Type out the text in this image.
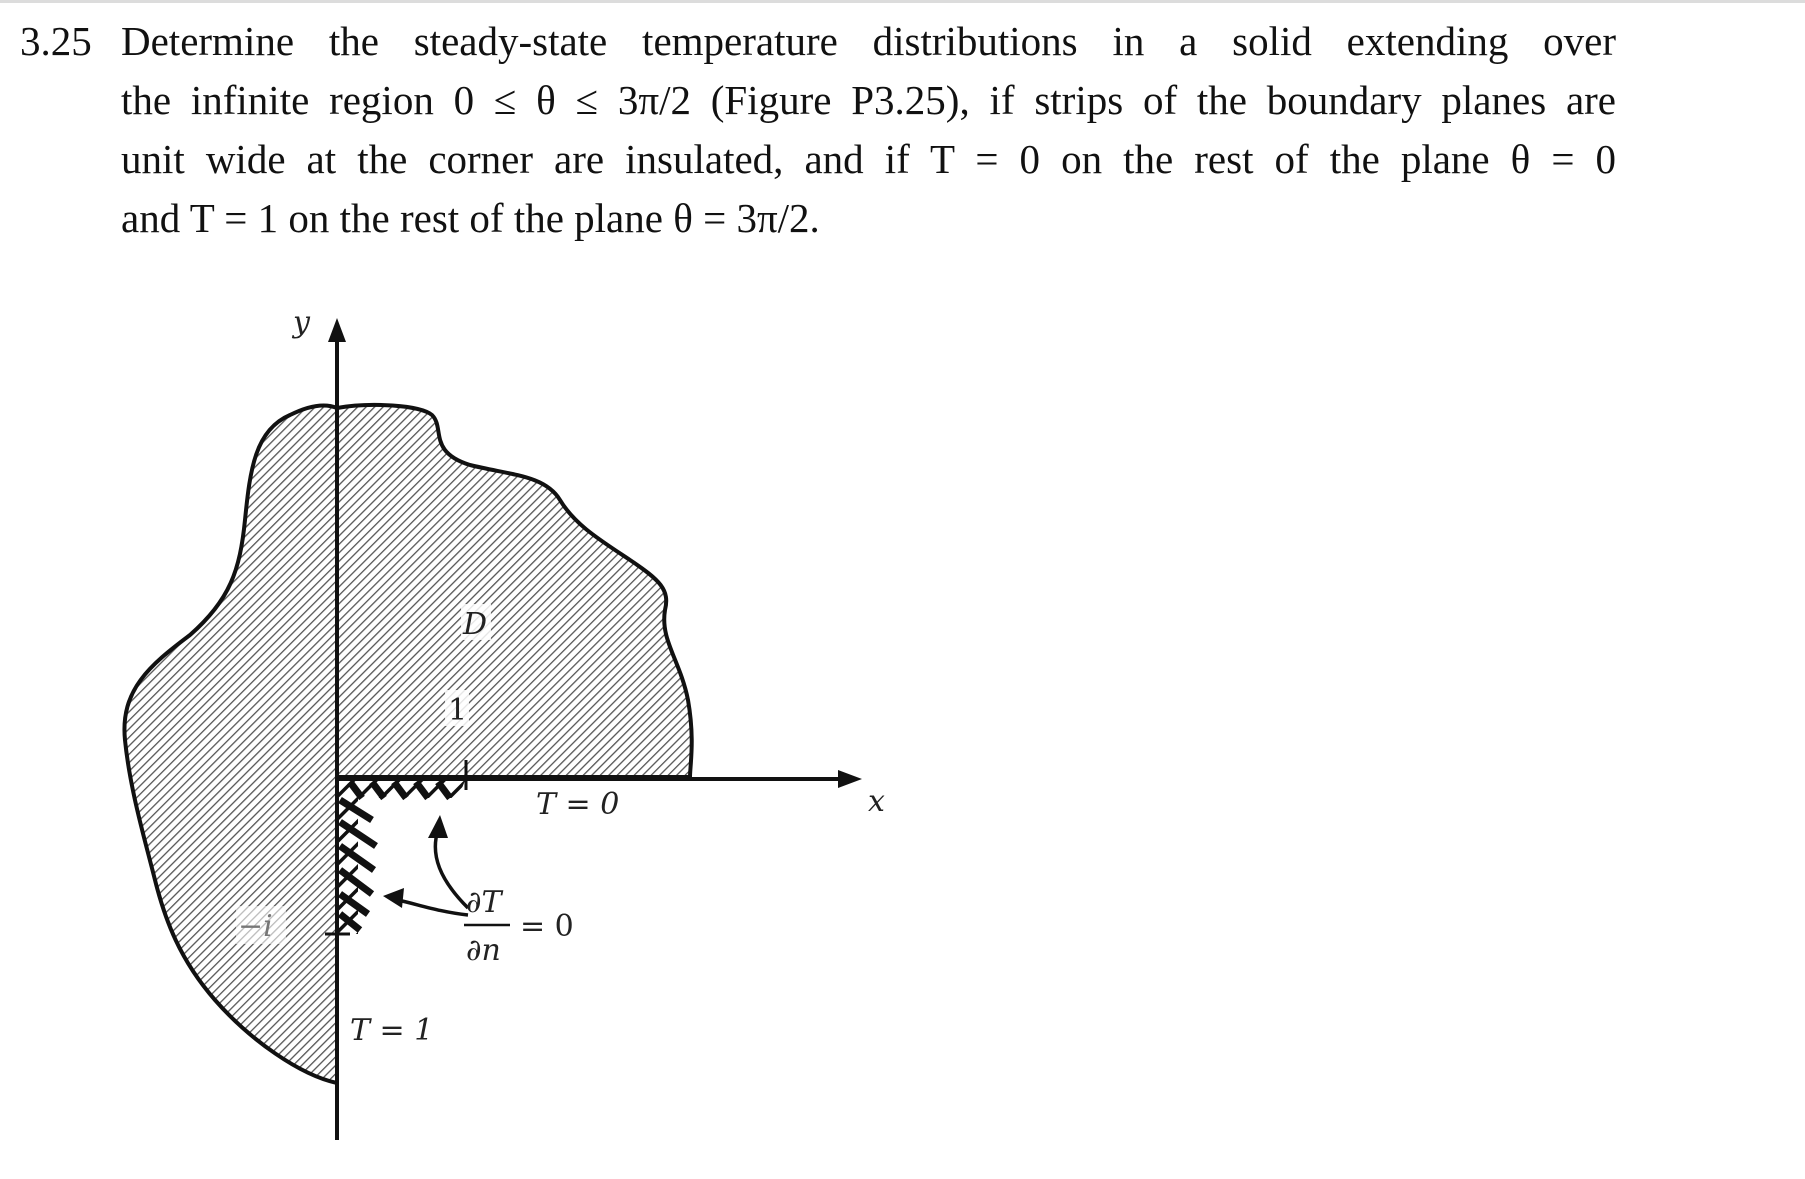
3.25 Determine the steady-state temperature distributions in a solid extending over
the infinite region 0 ≤ θ ≤ 3π/2 (Figure P3.25), if strips of the boundary planes are
unit wide at the corner are insulated, and if T = 0 on the rest of the plane θ = 0
and T = 1 on the rest of the plane θ = 3π/2.
y
x
D
1
−i
T = 0
T = 1
∂T
∂n
= 0
